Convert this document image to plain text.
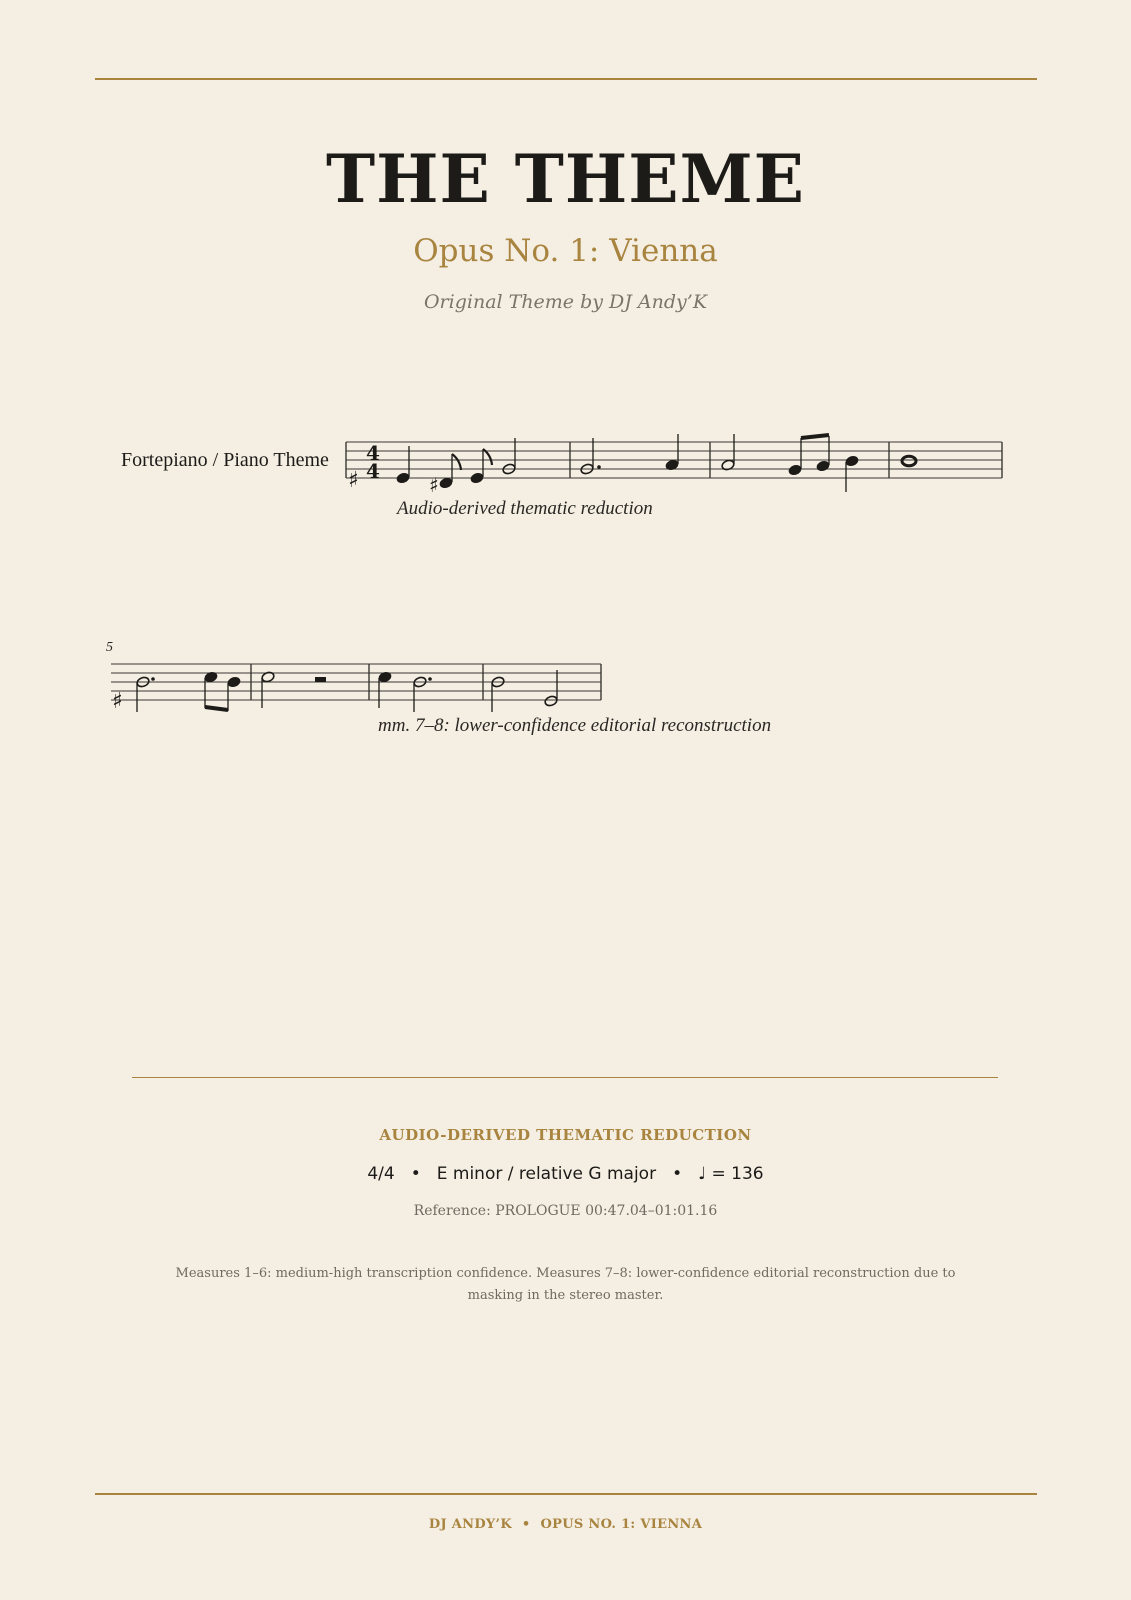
THE THEME
Opus No. 1: Vienna
Original Theme by DJ Andy’K
Fortepiano / Piano Theme
♯
4
4
♯
Audio-derived thematic reduction
5
♯
mm. 7–8: lower-confidence editorial reconstruction
AUDIO-DERIVED THEMATIC REDUCTION
4/4 • E minor / relative G major • ♩ = 136
Reference: PROLOGUE 00:47.04–01:01.16
Measures 1–6: medium-high transcription confidence. Measures 7–8: lower-confidence editorial reconstruction due to masking in the stereo master.
DJ ANDY’K • OPUS NO. 1: VIENNA
